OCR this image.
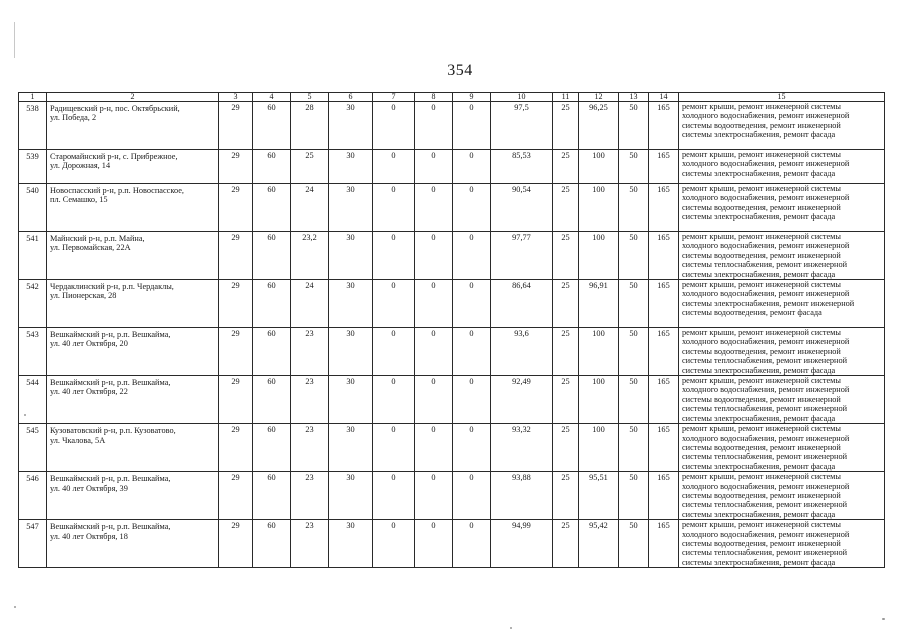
354
1	2	3	4	5	6	7	8	9	10	11	12	13	14	15
538	Радищевский р-н, пос. Октябрьский,
ул. Победа, 2	29	60	28	30	0	0	0	97,5	25	96,25	50	165	ремонт крыши, ремонт инженерной системы
холодного водоснабжения, ремонт инженерной
системы водоотведения, ремонт инженерной
системы электроснабжения, ремонт фасада

539	Старомайнский р-н, с. Прибрежное,
ул. Дорожная, 14	29	60	25	30	0	0	0	85,53	25	100	50	165	ремонт крыши, ремонт инженерной системы
холодного водоснабжения, ремонт инженерной
системы электроснабжения, ремонт фасада

540	Новоспасский р-н, р.п. Новоспасское,
пл. Семашко, 15	29	60	24	30	0	0	0	90,54	25	100	50	165	ремонт крыши, ремонт инженерной системы
холодного водоснабжения, ремонт инженерной
системы водоотведения, ремонт инженерной
системы электроснабжения, ремонт фасада

541	Майнский р-н, р.п. Майна,
ул. Первомайская, 22А	29	60	23,2	30	0	0	0	97,77	25	100	50	165	ремонт крыши, ремонт инженерной системы
холодного водоснабжения, ремонт инженерной
системы водоотведения, ремонт инженерной
системы теплоснабжения, ремонт инженерной
системы электроснабжения, ремонт фасада

542	Чердаклинский р-н, р.п. Чердаклы,
ул. Пионерская, 28	29	60	24	30	0	0	0	86,64	25	96,91	50	165	ремонт крыши, ремонт инженерной системы
холодного водоснабжения, ремонт инженерной
системы электроснабжения, ремонт инженерной
системы водоотведения, ремонт фасада

543	Вешкаймский р-н, р.п. Вешкайма,
ул. 40 лет Октября, 20	29	60	23	30	0	0	0	93,6	25	100	50	165	ремонт крыши, ремонт инженерной системы
холодного водоснабжения, ремонт инженерной
системы водоотведения, ремонт инженерной
системы теплоснабжения, ремонт инженерной
системы электроснабжения, ремонт фасада

544	Вешкаймский р-н, р.п. Вешкайма,
ул. 40 лет Октября, 22	29	60	23	30	0	0	0	92,49	25	100	50	165	ремонт крыши, ремонт инженерной системы
холодного водоснабжения, ремонт инженерной
системы водоотведения, ремонт инженерной
системы теплоснабжения, ремонт инженерной
системы электроснабжения, ремонт фасада

545	Кузоватовский р-н, р.п. Кузоватово,
ул. Чкалова, 5А	29	60	23	30	0	0	0	93,32	25	100	50	165	ремонт крыши, ремонт инженерной системы
холодного водоснабжения, ремонт инженерной
системы водоотведения, ремонт инженерной
системы теплоснабжения, ремонт инженерной
системы электроснабжения, ремонт фасада

546	Вешкаймский р-н, р.п. Вешкайма,
ул. 40 лет Октября, 39	29	60	23	30	0	0	0	93,88	25	95,51	50	165	ремонт крыши, ремонт инженерной системы
холодного водоснабжения, ремонт инженерной
системы водоотведения, ремонт инженерной
системы теплоснабжения, ремонт инженерной
системы электроснабжения, ремонт фасада

547	Вешкаймский р-н, р.п. Вешкайма,
ул. 40 лет Октября, 18	29	60	23	30	0	0	0	94,99	25	95,42	50	165	ремонт крыши, ремонт инженерной системы
холодного водоснабжения, ремонт инженерной
системы водоотведения, ремонт инженерной
системы теплоснабжения, ремонт инженерной
системы электроснабжения, ремонт фасада
